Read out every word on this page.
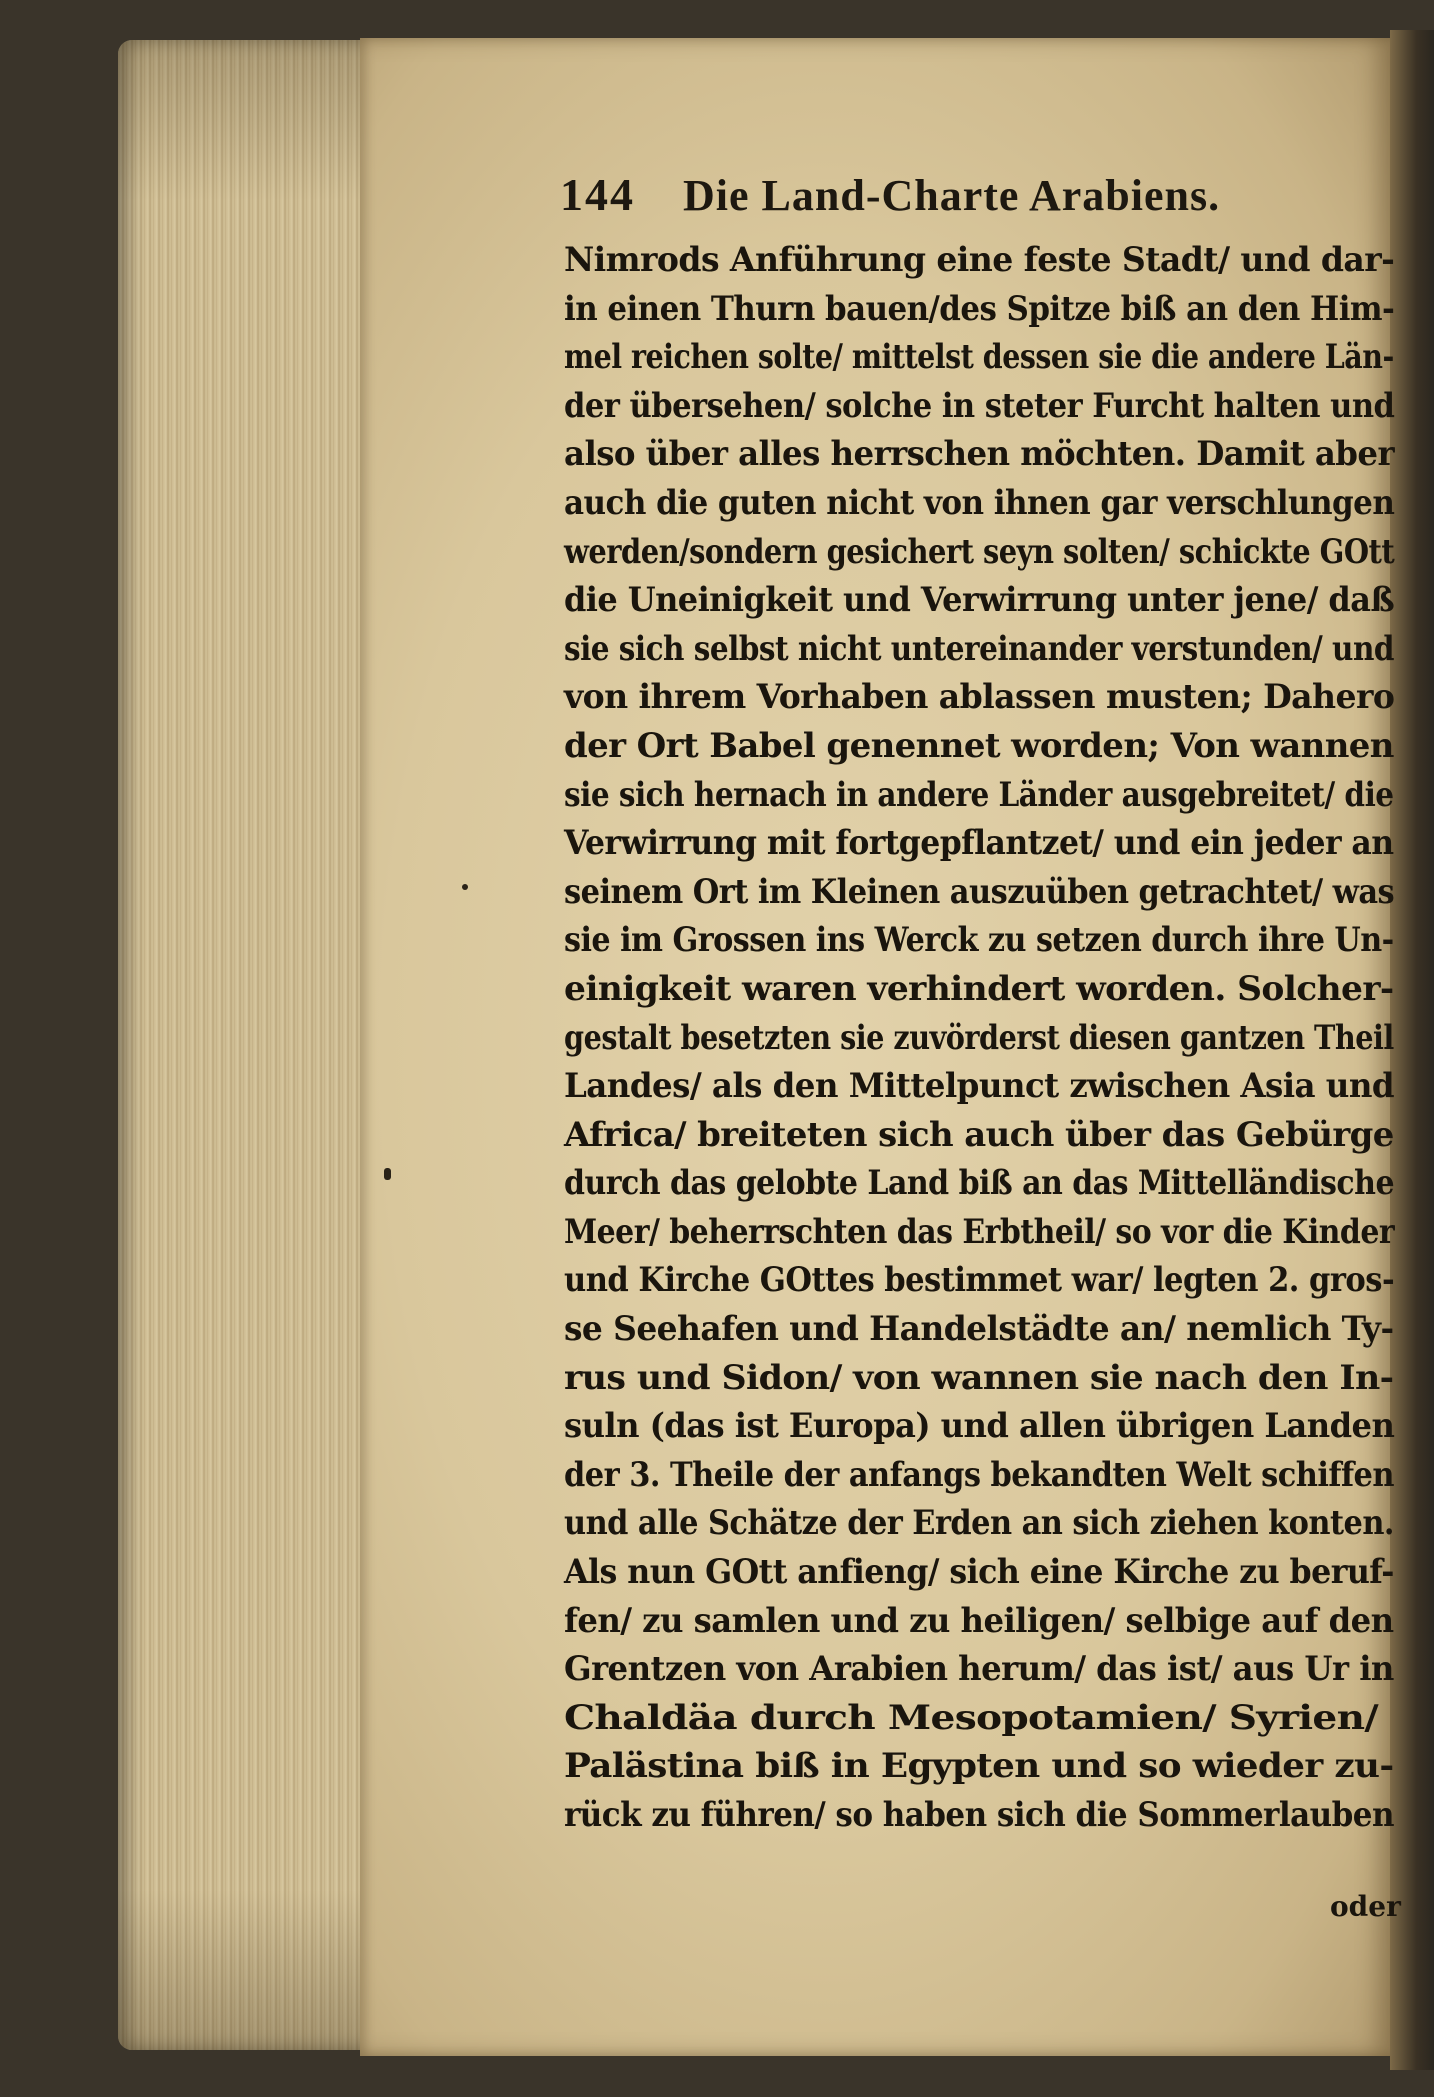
144 Die Land-Charte Arabiens.
Nimrods Anführung eine feste Stadt/ und dar-
in einen Thurn bauen/des Spitze biß an den Him-
mel reichen solte/ mittelst dessen sie die andere Län-
der übersehen/ solche in steter Furcht halten und
also über alles herrschen möchten. Damit aber
auch die guten nicht von ihnen gar verschlungen
werden/sondern gesichert seyn solten/ schickte GOtt
die Uneinigkeit und Verwirrung unter jene/ daß
sie sich selbst nicht untereinander verstunden/ und
von ihrem Vorhaben ablassen musten; Dahero
der Ort Babel genennet worden; Von wannen
sie sich hernach in andere Länder ausgebreitet/ die
Verwirrung mit fortgepflantzet/ und ein jeder an
seinem Ort im Kleinen auszuüben getrachtet/ was
sie im Grossen ins Werck zu setzen durch ihre Un-
einigkeit waren verhindert worden. Solcher-
gestalt besetzten sie zuvörderst diesen gantzen Theil
Landes/ als den Mittelpunct zwischen Asia und
Africa/ breiteten sich auch über das Gebürge
durch das gelobte Land biß an das Mittelländische
Meer/ beherrschten das Erbtheil/ so vor die Kinder
und Kirche GOttes bestimmet war/ legten 2. gros-
se Seehafen und Handelstädte an/ nemlich Ty-
rus und Sidon/ von wannen sie nach den In-
suln (das ist Europa) und allen übrigen Landen
der 3. Theile der anfangs bekandten Welt schiffen
und alle Schätze der Erden an sich ziehen konten.
Als nun GOtt anfieng/ sich eine Kirche zu beruf-
fen/ zu samlen und zu heiligen/ selbige auf den
Grentzen von Arabien herum/ das ist/ aus Ur in
Chaldäa durch Mesopotamien/ Syrien/
Palästina biß in Egypten und so wieder zu-
rück zu führen/ so haben sich die Sommerlauben
oder
